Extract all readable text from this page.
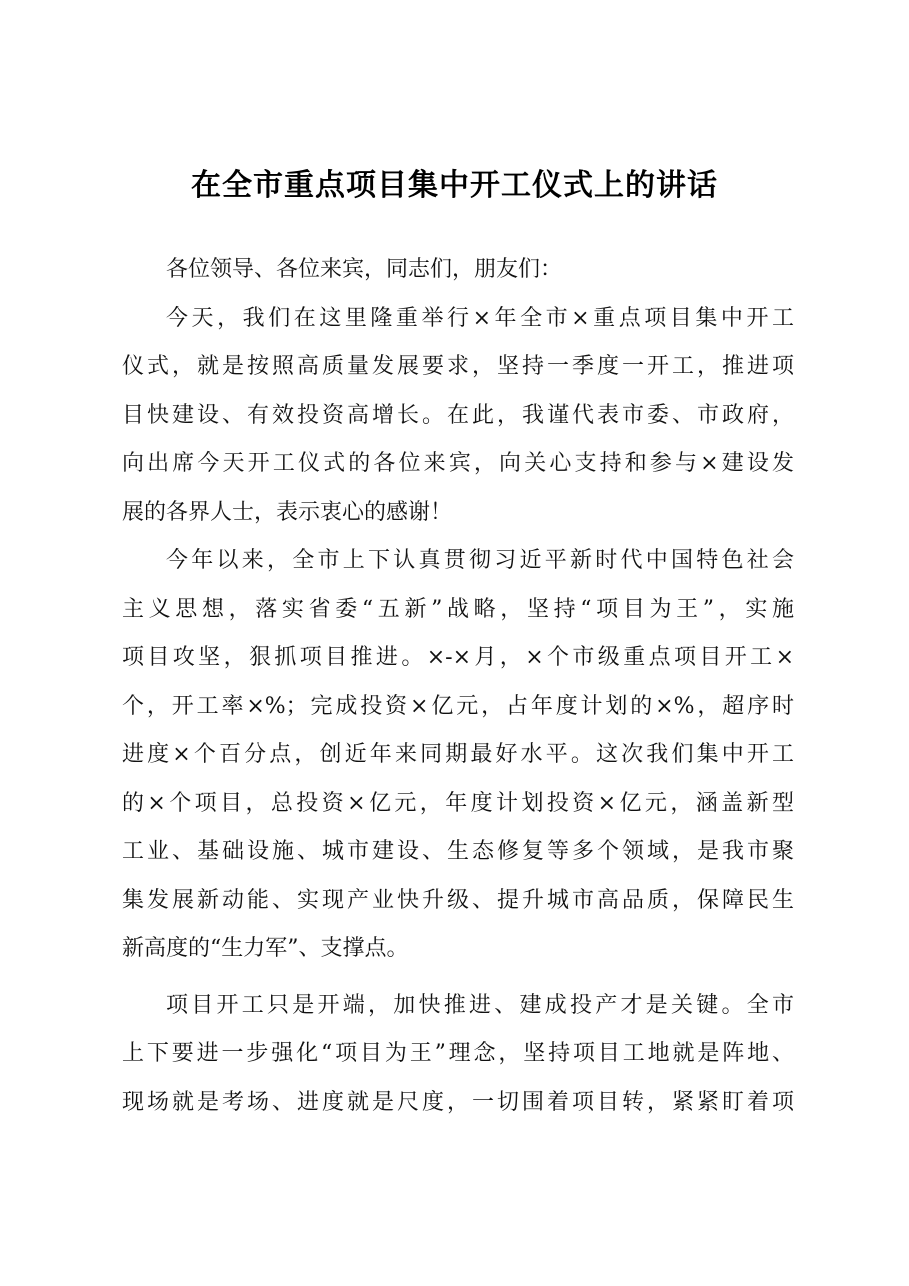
在全市重点项目集中开工仪式上的讲话
各位领导、各位来宾，同志们，朋友们：
今天，我们在这里隆重举行×年全市×重点项目集中开工
仪式，就是按照高质量发展要求，坚持一季度一开工，推进项
目快建设、有效投资高增长。在此，我谨代表市委、市政府，
向出席今天开工仪式的各位来宾，向关心支持和参与×建设发
展的各界人士，表示衷心的感谢！
今年以来，全市上下认真贯彻习近平新时代中国特色社会
主义思想，落实省委“五新”战略，坚持“项目为王”，实施
项目攻坚，狠抓项目推进。×-×月，×个市级重点项目开工×
个，开工率×%；完成投资×亿元，占年度计划的×%，超序时
进度×个百分点，创近年来同期最好水平。这次我们集中开工
的×个项目，总投资×亿元，年度计划投资×亿元，涵盖新型
工业、基础设施、城市建设、生态修复等多个领域，是我市聚
集发展新动能、实现产业快升级、提升城市高品质，保障民生
新高度的“生力军”、支撑点。
项目开工只是开端，加快推进、建成投产才是关键。全市
上下要进一步强化“项目为王”理念，坚持项目工地就是阵地、
现场就是考场、进度就是尺度，一切围着项目转，紧紧盯着项
